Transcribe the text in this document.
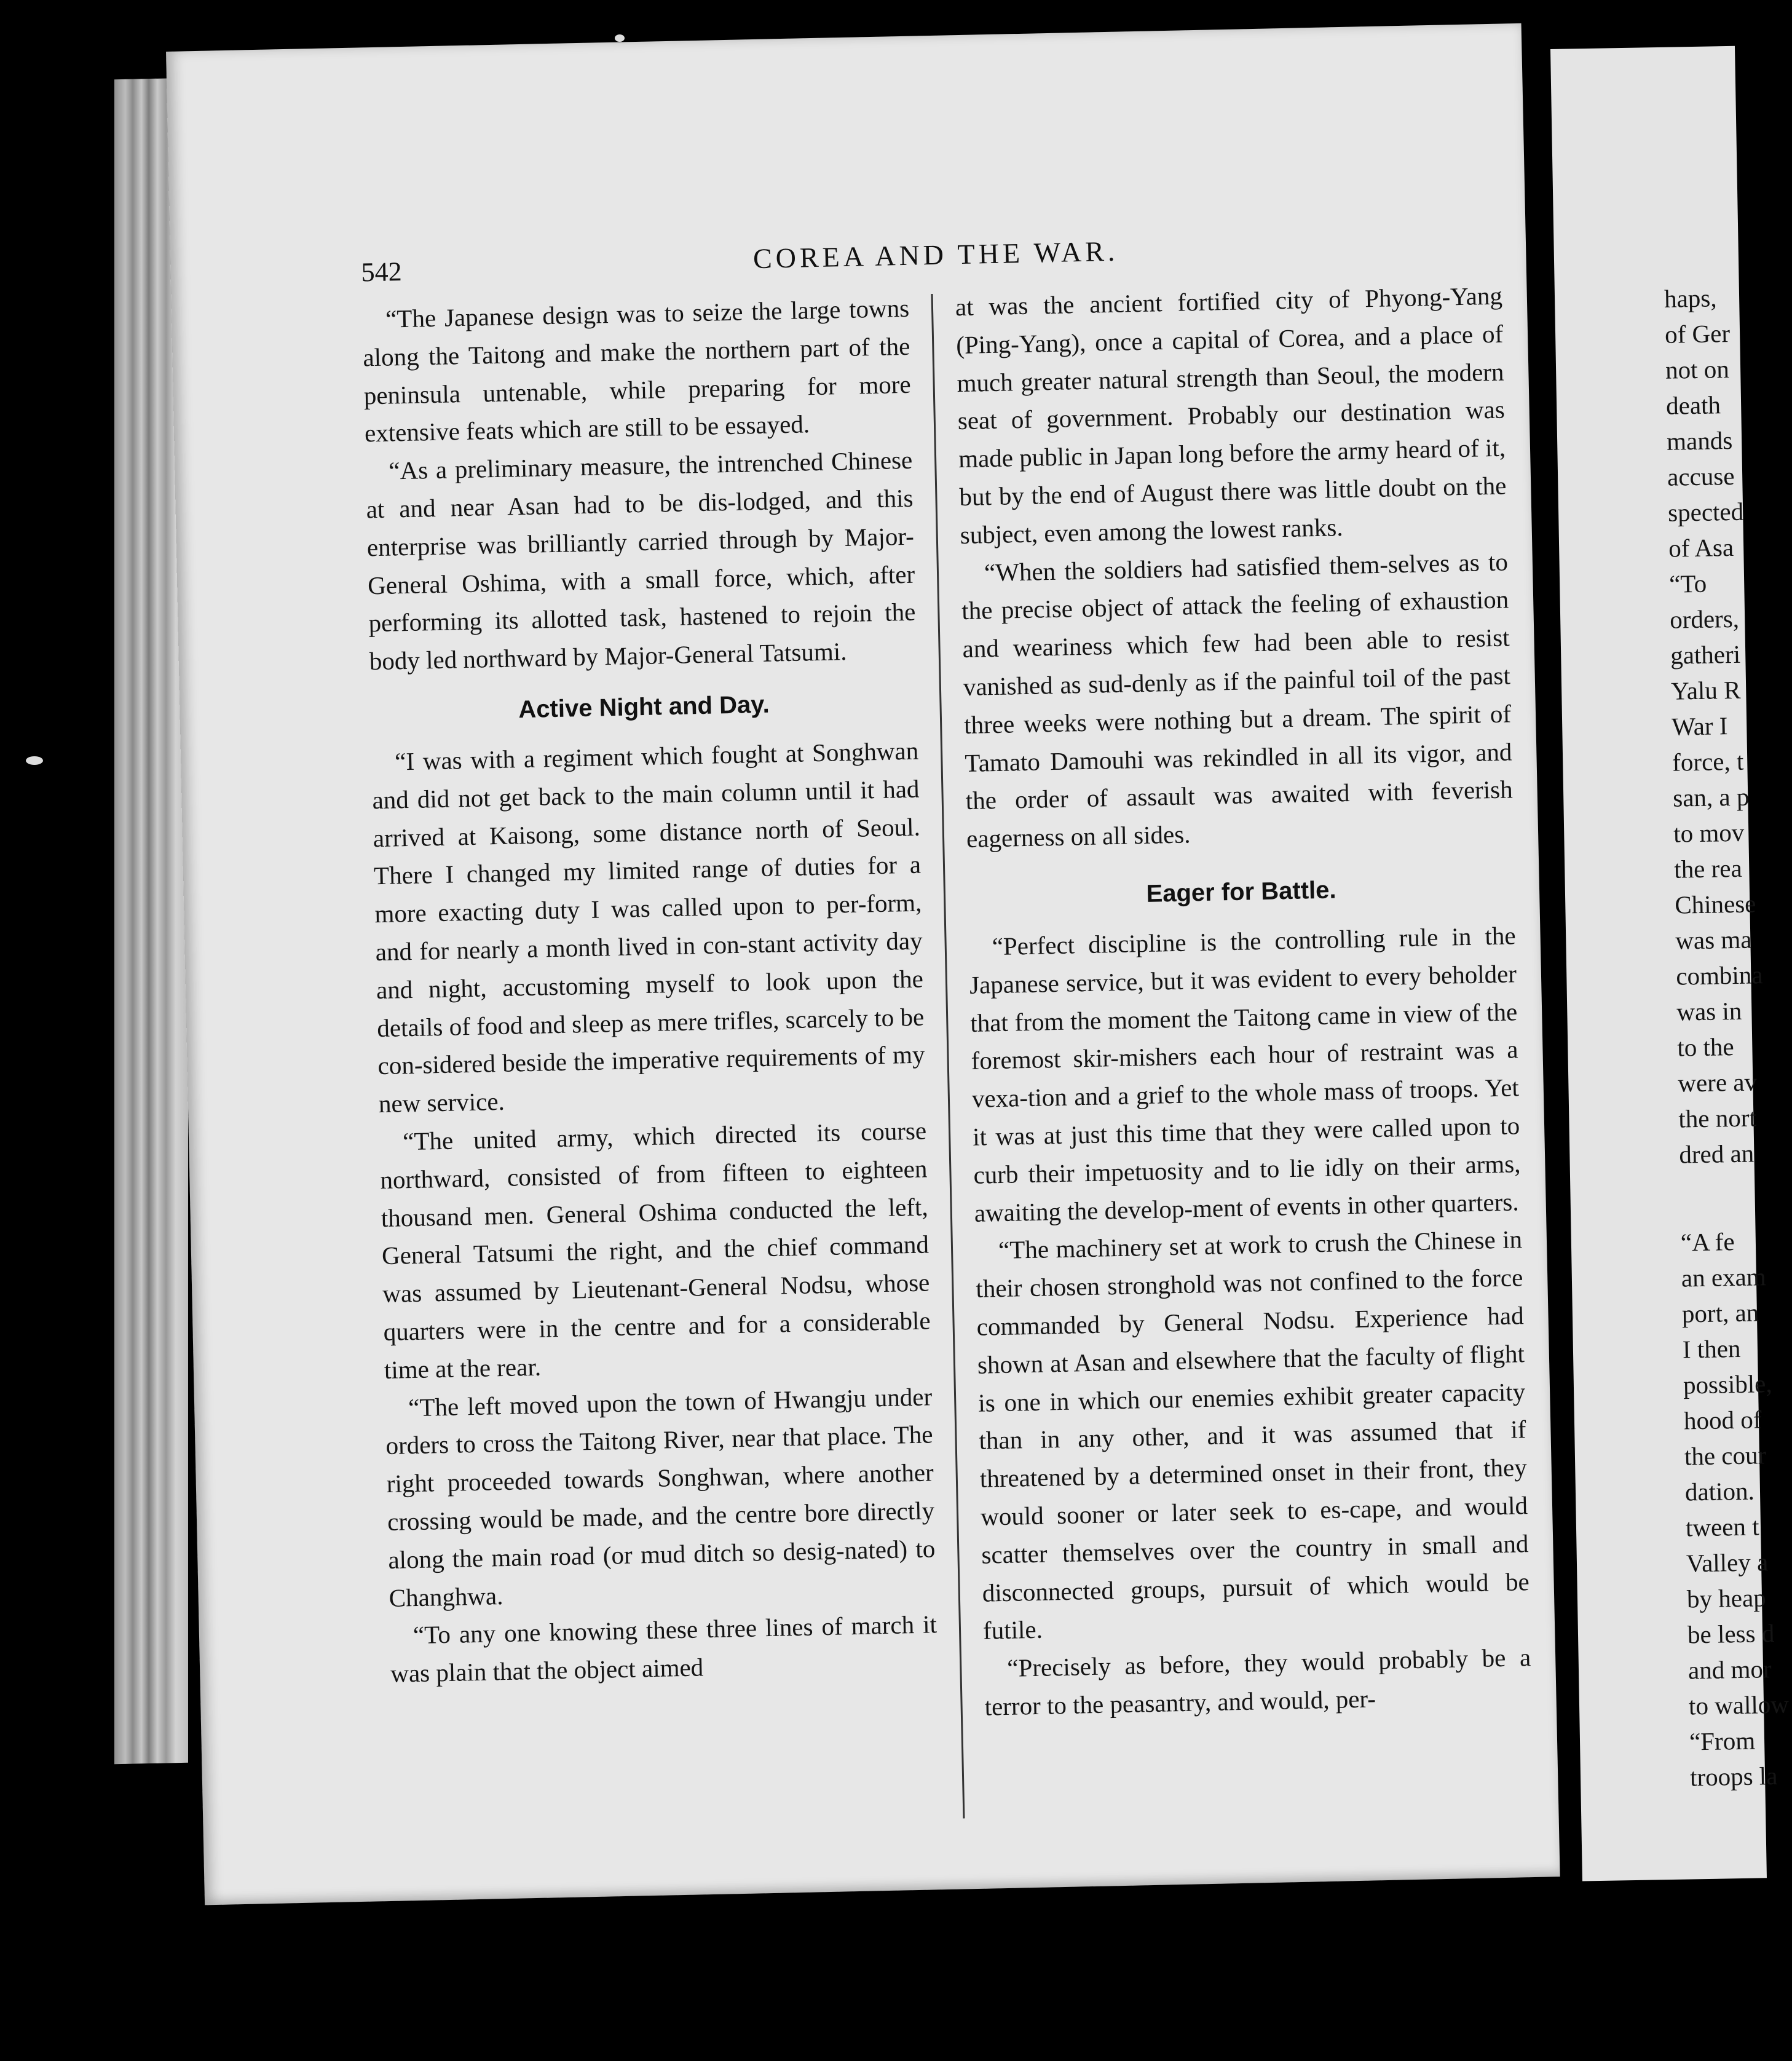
542	COREA AND THE WAR.

“The Japanese design was to seize the large towns along the Taitong and make the northern part of the peninsula untenable, while preparing for more extensive feats which are still to be essayed.

“As a preliminary measure, the intrenched Chinese at and near Asan had to be dis-lodged, and this enterprise was brilliantly carried through by Major-General Oshima, with a small force, which, after performing its allotted task, hastened to rejoin the body led northward by Major-General Tatsumi.

Active Night and Day.

“I was with a regiment which fought at Songhwan and did not get back to the main column until it had arrived at Kaisong, some distance north of Seoul. There I changed my limited range of duties for a more exacting duty I was called upon to per-form, and for nearly a month lived in con-stant activity day and night, accustoming myself to look upon the details of food and sleep as mere trifles, scarcely to be con-sidered beside the imperative requirements of my new service.

“The united army, which directed its course northward, consisted of from fifteen to eighteen thousand men. General Oshima conducted the left, General Tatsumi the right, and the chief command was assumed by Lieutenant-General Nodsu, whose quarters were in the centre and for a considerable time at the rear.

“The left moved upon the town of Hwangju under orders to cross the Taitong River, near that place. The right proceeded towards Songhwan, where another crossing would be made, and the centre bore directly along the main road (or mud ditch so desig-nated) to Changhwa.

“To any one knowing these three lines of march it was plain that the object aimed

at was the ancient fortified city of Phyong-Yang (Ping-Yang), once a capital of Corea, and a place of much greater natural strength than Seoul, the modern seat of government. Probably our destination was made public in Japan long before the army heard of it, but by the end of August there was little doubt on the subject, even among the lowest ranks.

“When the soldiers had satisfied them-selves as to the precise object of attack the feeling of exhaustion and weariness which few had been able to resist vanished as sud-denly as if the painful toil of the past three weeks were nothing but a dream. The spirit of Tamato Damouhi was rekindled in all its vigor, and the order of assault was awaited with feverish eagerness on all sides.

Eager for Battle.

“Perfect discipline is the controlling rule in the Japanese service, but it was evident to every beholder that from the moment the Taitong came in view of the foremost skir-mishers each hour of restraint was a vexa-tion and a grief to the whole mass of troops. Yet it was at just this time that they were called upon to curb their impetuosity and to lie idly on their arms, awaiting the develop-ment of events in other quarters.

“The machinery set at work to crush the Chinese in their chosen stronghold was not confined to the force commanded by General Nodsu. Experience had shown at Asan and elsewhere that the faculty of flight is one in which our enemies exhibit greater capacity than in any other, and it was assumed that if threatened by a determined onset in their front, they would sooner or later seek to es-cape, and would scatter themselves over the country in small and disconnected groups, pursuit of which would be futile.

“Precisely as before, they would probably be a terror to the peasantry, and would, per-

haps,
of Ger
not on
death
mands
accuse
spected
of Asa
“To
orders,
gatheri
Yalu R
War I
force, t
san, a p
to mov
the rea
Chinese
was ma
combina
was in
to the
were av
the nort
dred an
“A fe
an exam
port, an
I then
possible,
hood of
the cour
dation.
tween t
Valley a
by heap
be less d
and mor
to wallow
“From
troops la
